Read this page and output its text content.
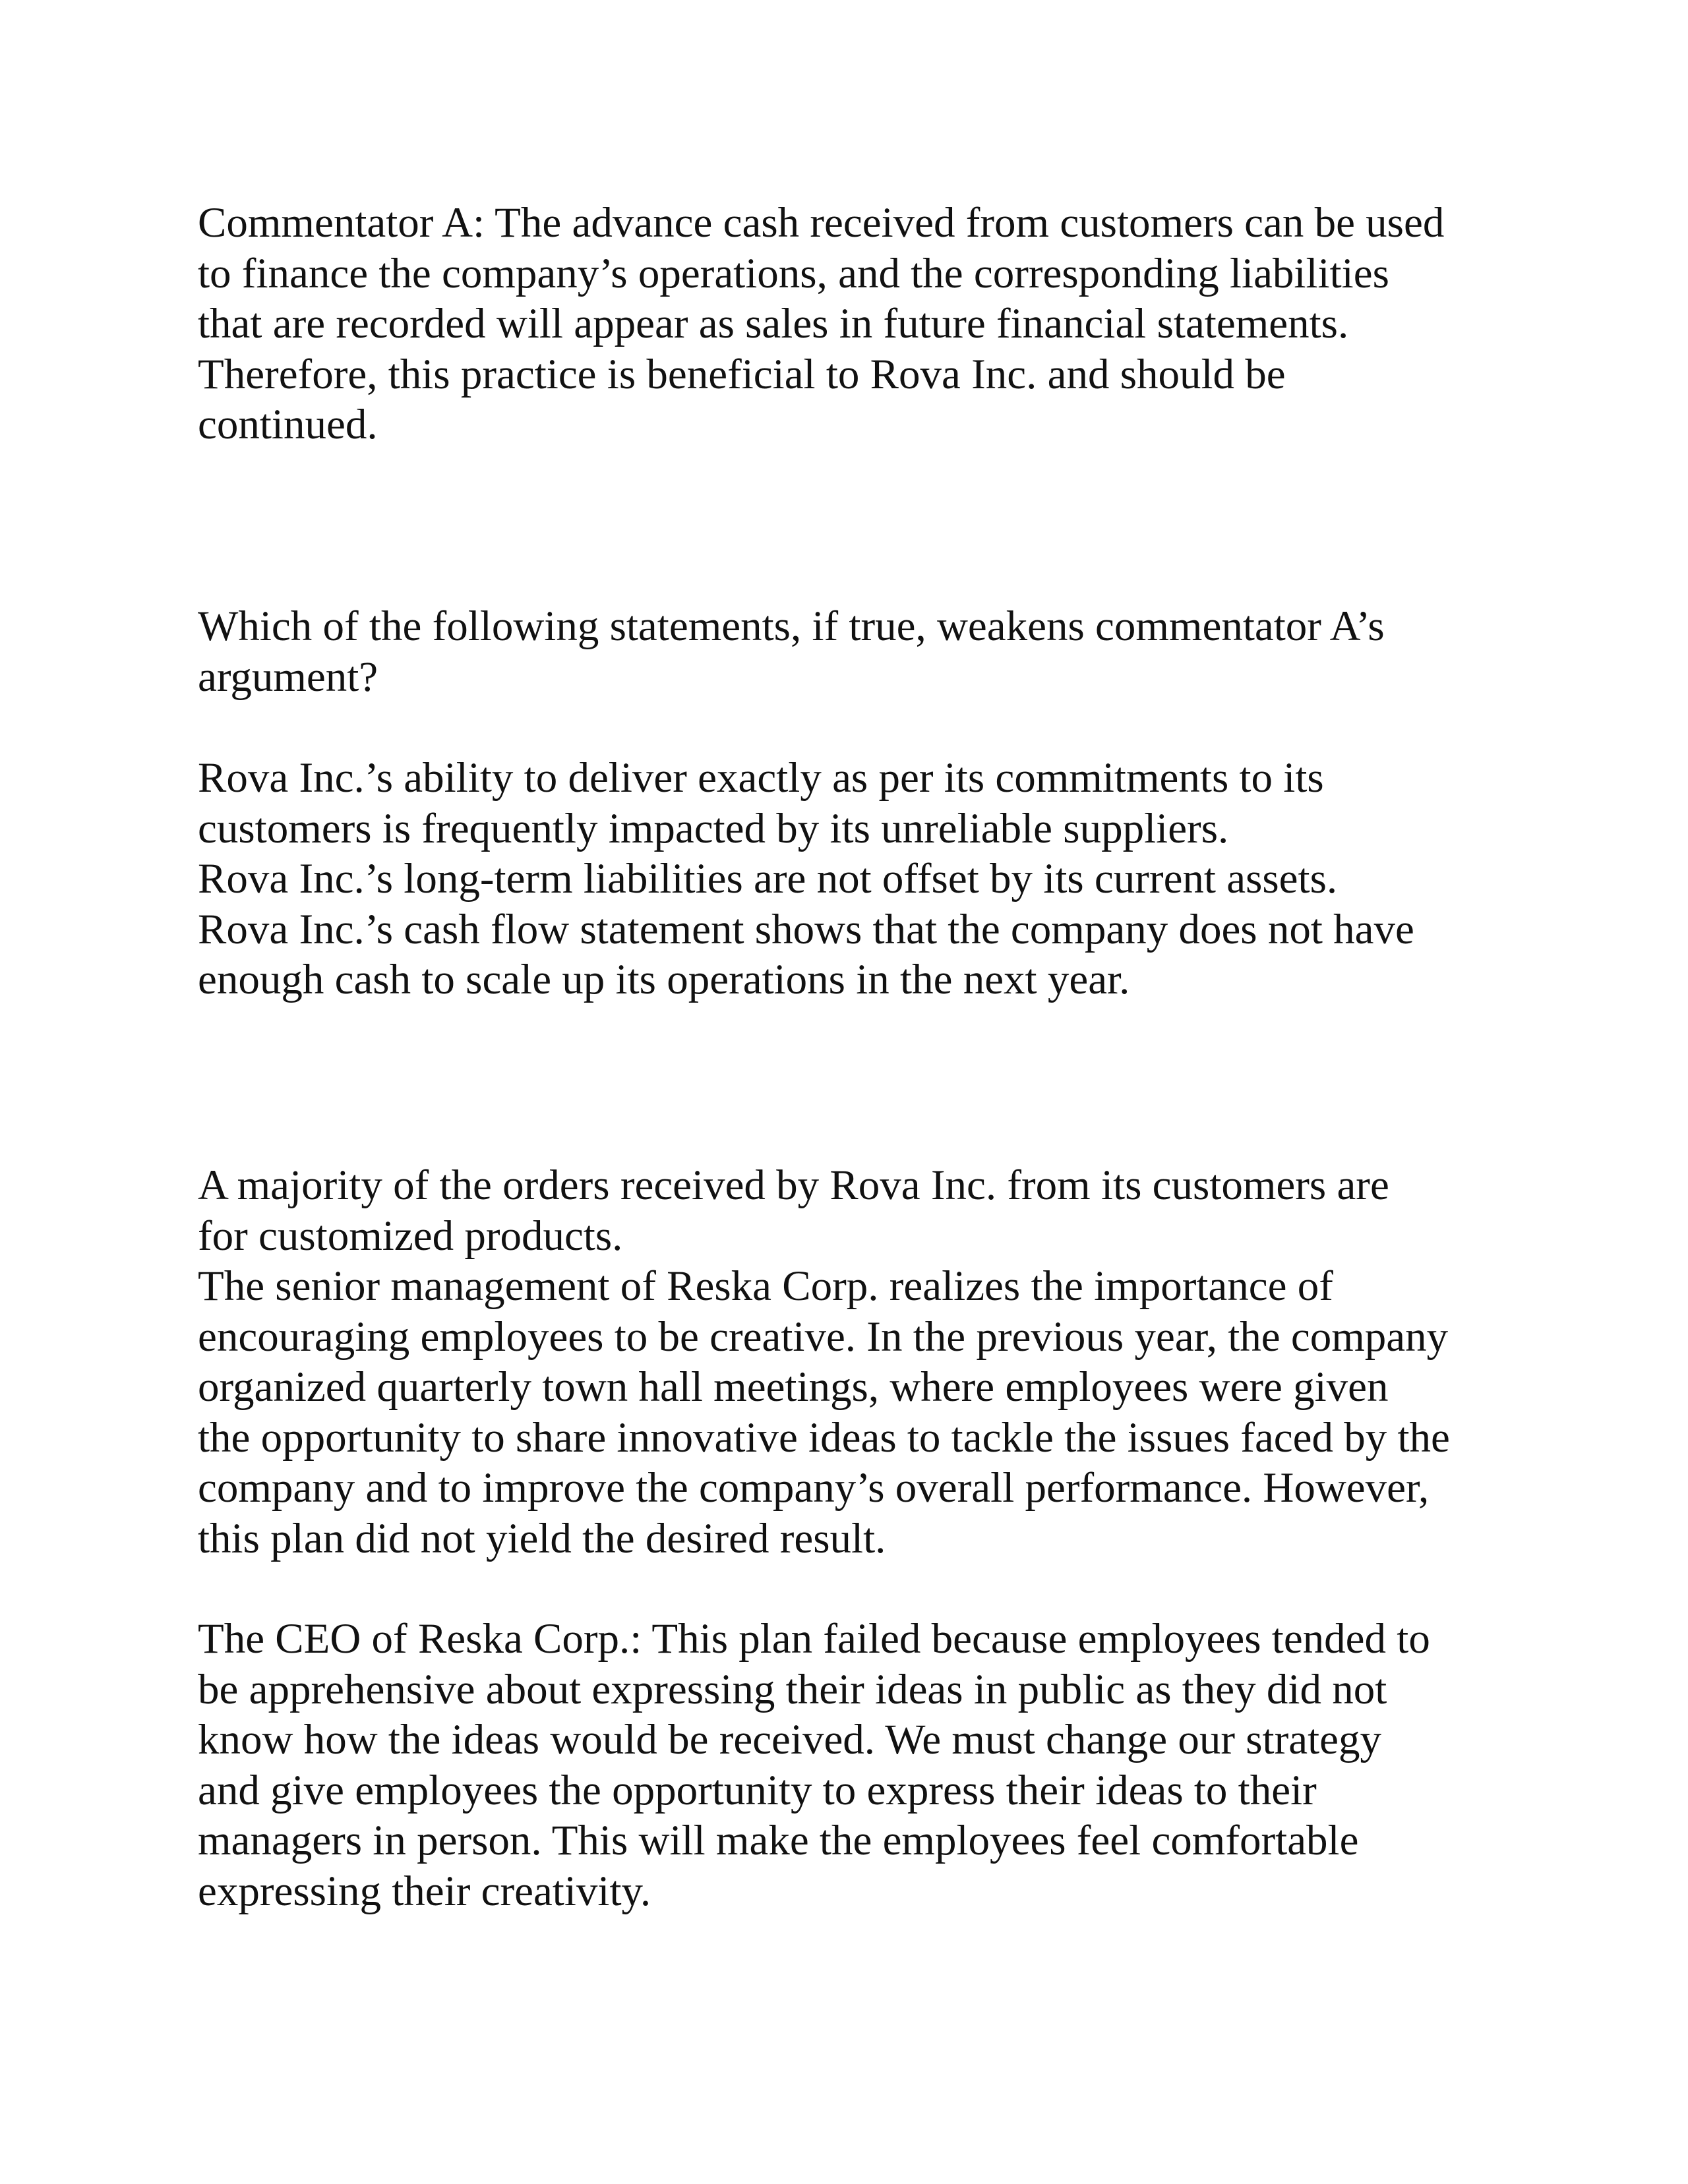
Commentator A: The advance cash received from customers can be used
to finance the company’s operations, and the corresponding liabilities
that are recorded will appear as sales in future financial statements.
Therefore, this practice is beneficial to Rova Inc. and should be
continued.

Which of the following statements, if true, weakens commentator A’s
argument?

Rova Inc.’s ability to deliver exactly as per its commitments to its
customers is frequently impacted by its unreliable suppliers.
Rova Inc.’s long-term liabilities are not offset by its current assets.
Rova Inc.’s cash flow statement shows that the company does not have
enough cash to scale up its operations in the next year.

A majority of the orders received by Rova Inc. from its customers are
for customized products.
The senior management of Reska Corp. realizes the importance of
encouraging employees to be creative. In the previous year, the company
organized quarterly town hall meetings, where employees were given
the opportunity to share innovative ideas to tackle the issues faced by the
company and to improve the company’s overall performance. However,
this plan did not yield the desired result.

The CEO of Reska Corp.: This plan failed because employees tended to
be apprehensive about expressing their ideas in public as they did not
know how the ideas would be received. We must change our strategy
and give employees the opportunity to express their ideas to their
managers in person. This will make the employees feel comfortable
expressing their creativity.
